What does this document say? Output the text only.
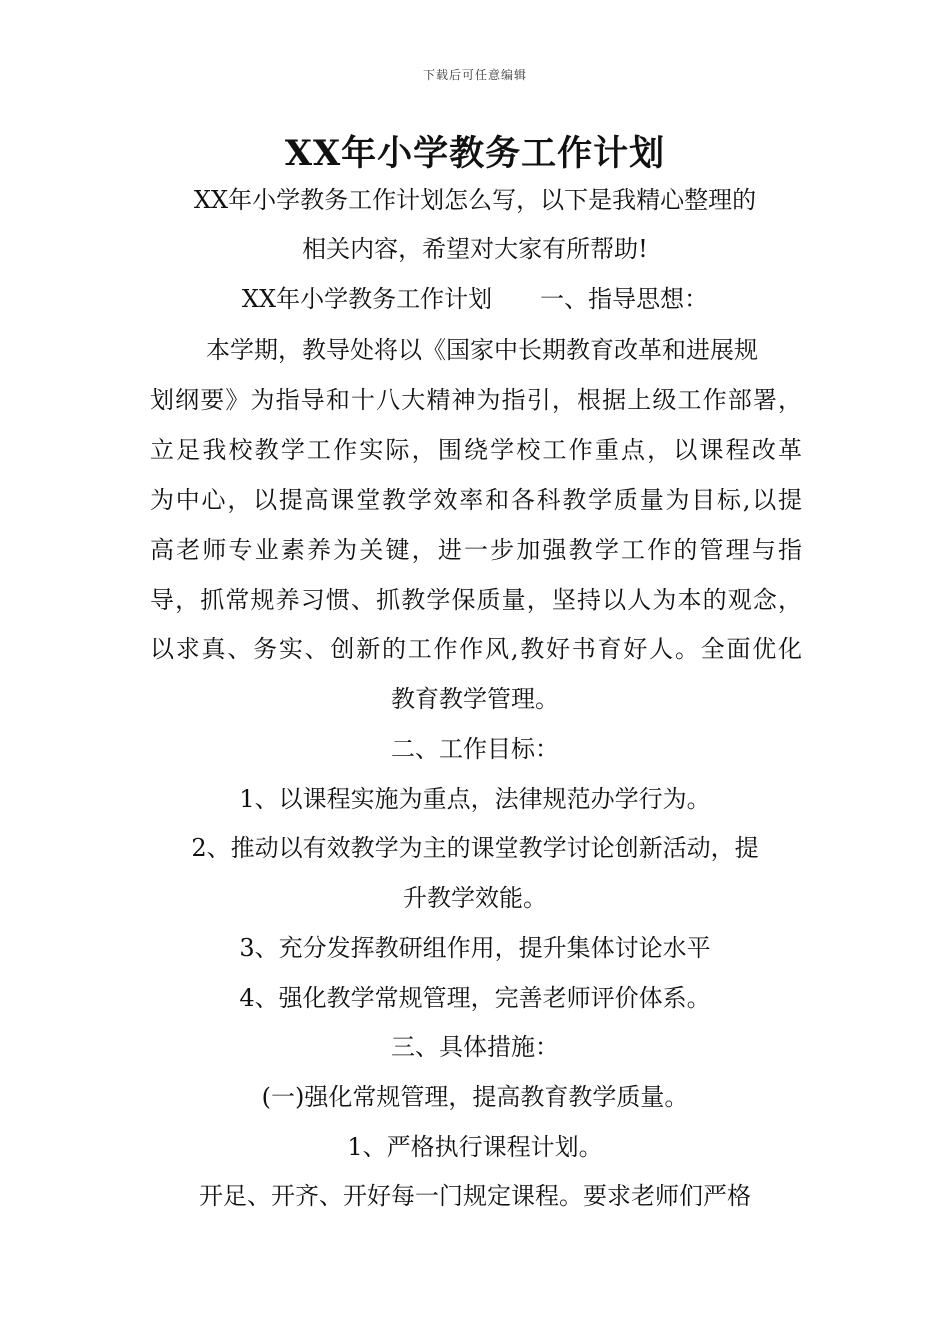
下载后可任意编辑
XX年小学教务工作计划
XX年小学教务工作计划怎么写，以下是我精心整理的
相关内容，希望对大家有所帮助!
XX年小学教务工作计划　　一、指导思想：
本学期，教导处将以《国家中长期教育改革和进展规
划纲要》为指导和十八大精神为指引，根据上级工作部署，
立足我校教学工作实际，围绕学校工作重点，以课程改革
为中心，以提高课堂教学效率和各科教学质量为目标,以提
高老师专业素养为关键，进一步加强教学工作的管理与指
导，抓常规养习惯、抓教学保质量，坚持以人为本的观念，
以求真、务实、创新的工作作风,教好书育好人。全面优化
教育教学管理。
二、工作目标：
1、以课程实施为重点，法律规范办学行为。
2、推动以有效教学为主的课堂教学讨论创新活动，提
升教学效能。
3、充分发挥教研组作用，提升集体讨论水平
4、强化教学常规管理，完善老师评价体系。
三、具体措施：
(一)强化常规管理，提高教育教学质量。
1、严格执行课程计划。
开足、开齐、开好每一门规定课程。要求老师们严格
